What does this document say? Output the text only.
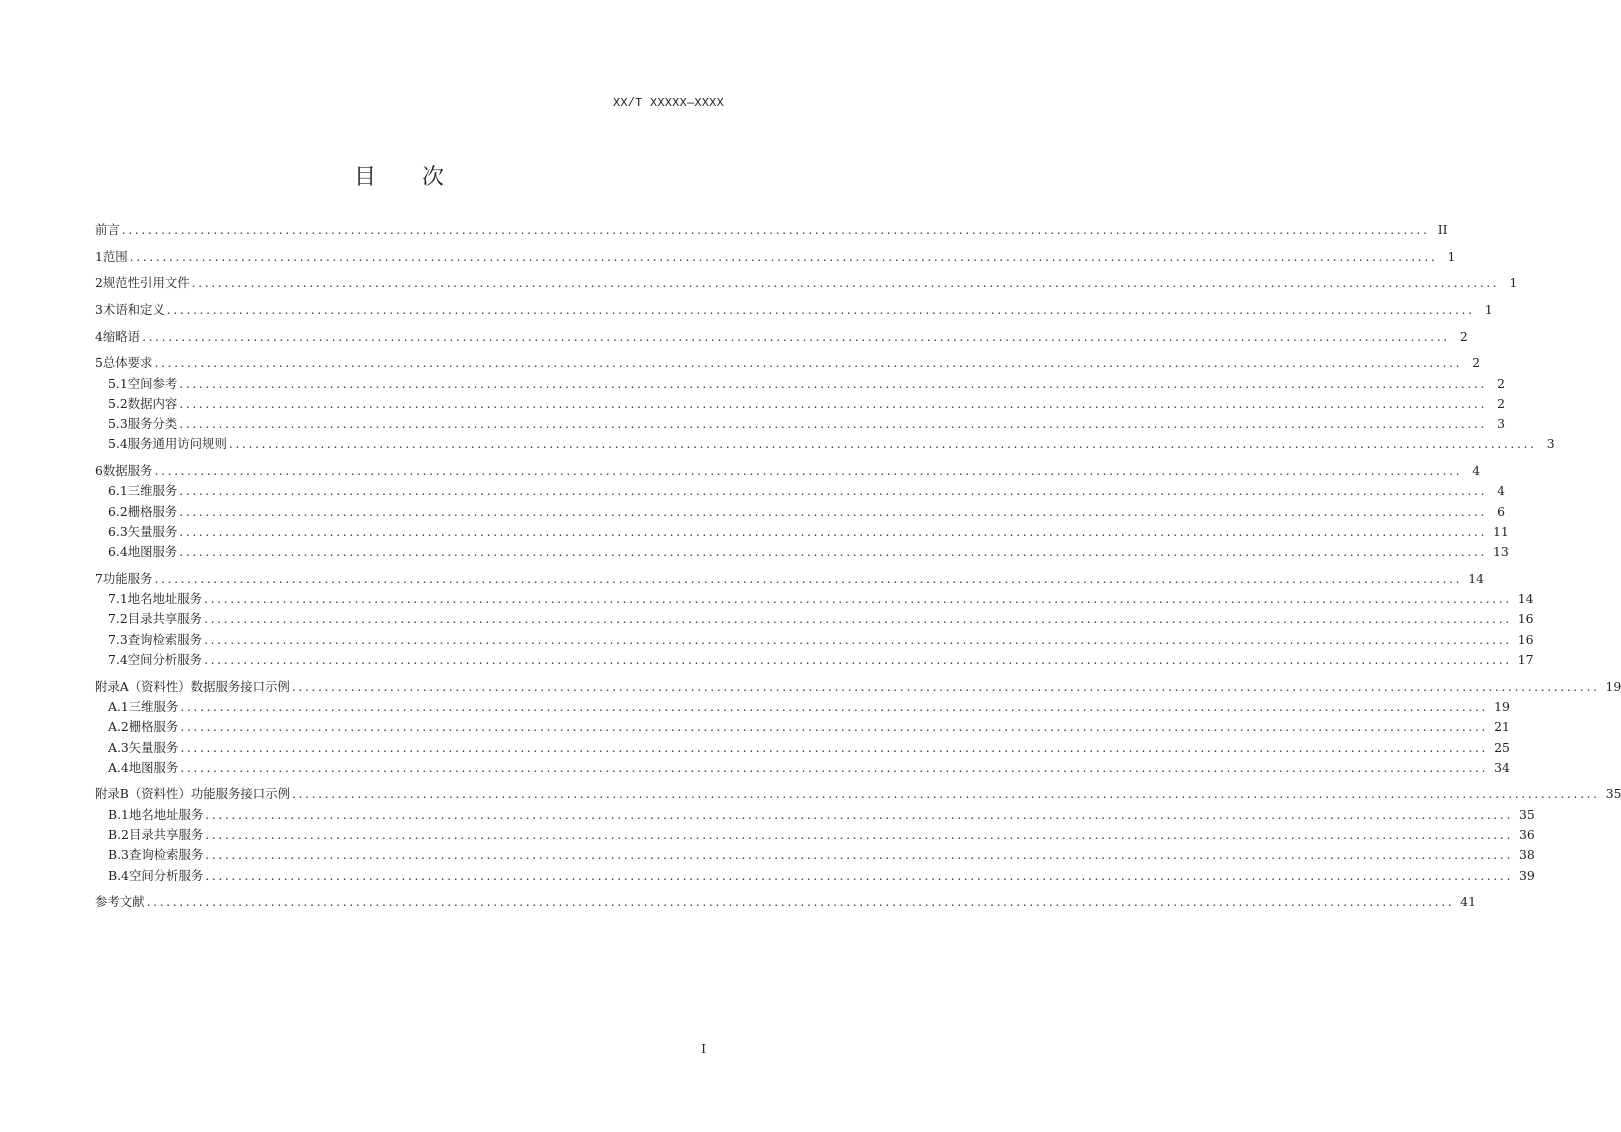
XX/T XXXXX—XXXX
目 次
前言 ........................................................................................................................................................................................................ II
1 范围 ........................................................................................................................................................................................................ 1
2 规范性引用文件 ........................................................................................................................................................................................................ 1
3 术语和定义 ........................................................................................................................................................................................................ 1
4 缩略语 ........................................................................................................................................................................................................ 2
5 总体要求 ........................................................................................................................................................................................................ 2
5.1 空间参考 ........................................................................................................................................................................................................ 2
5.2 数据内容 ........................................................................................................................................................................................................ 2
5.3 服务分类 ........................................................................................................................................................................................................ 3
5.4 服务通用访问规则 ........................................................................................................................................................................................................ 3
6 数据服务 ........................................................................................................................................................................................................ 4
6.1 三维服务 ........................................................................................................................................................................................................ 4
6.2 栅格服务 ........................................................................................................................................................................................................ 6
6.3 矢量服务 ........................................................................................................................................................................................................ 11
6.4 地图服务 ........................................................................................................................................................................................................ 13
7 功能服务 ........................................................................................................................................................................................................ 14
7.1 地名地址服务 ........................................................................................................................................................................................................ 14
7.2 目录共享服务 ........................................................................................................................................................................................................ 16
7.3 查询检索服务 ........................................................................................................................................................................................................ 16
7.4 空间分析服务 ........................................................................................................................................................................................................ 17
附录A（资料性）数据服务接口示例 ........................................................................................................................................................................................................ 19
A.1 三维服务 ........................................................................................................................................................................................................ 19
A.2 栅格服务 ........................................................................................................................................................................................................ 21
A.3 矢量服务 ........................................................................................................................................................................................................ 25
A.4 地图服务 ........................................................................................................................................................................................................ 34
附录B（资料性）功能服务接口示例 ........................................................................................................................................................................................................ 35
B.1 地名地址服务 ........................................................................................................................................................................................................ 35
B.2 目录共享服务 ........................................................................................................................................................................................................ 36
B.3 查询检索服务 ........................................................................................................................................................................................................ 38
B.4 空间分析服务 ........................................................................................................................................................................................................ 39
参考文献 ........................................................................................................................................................................................................ 41
I
